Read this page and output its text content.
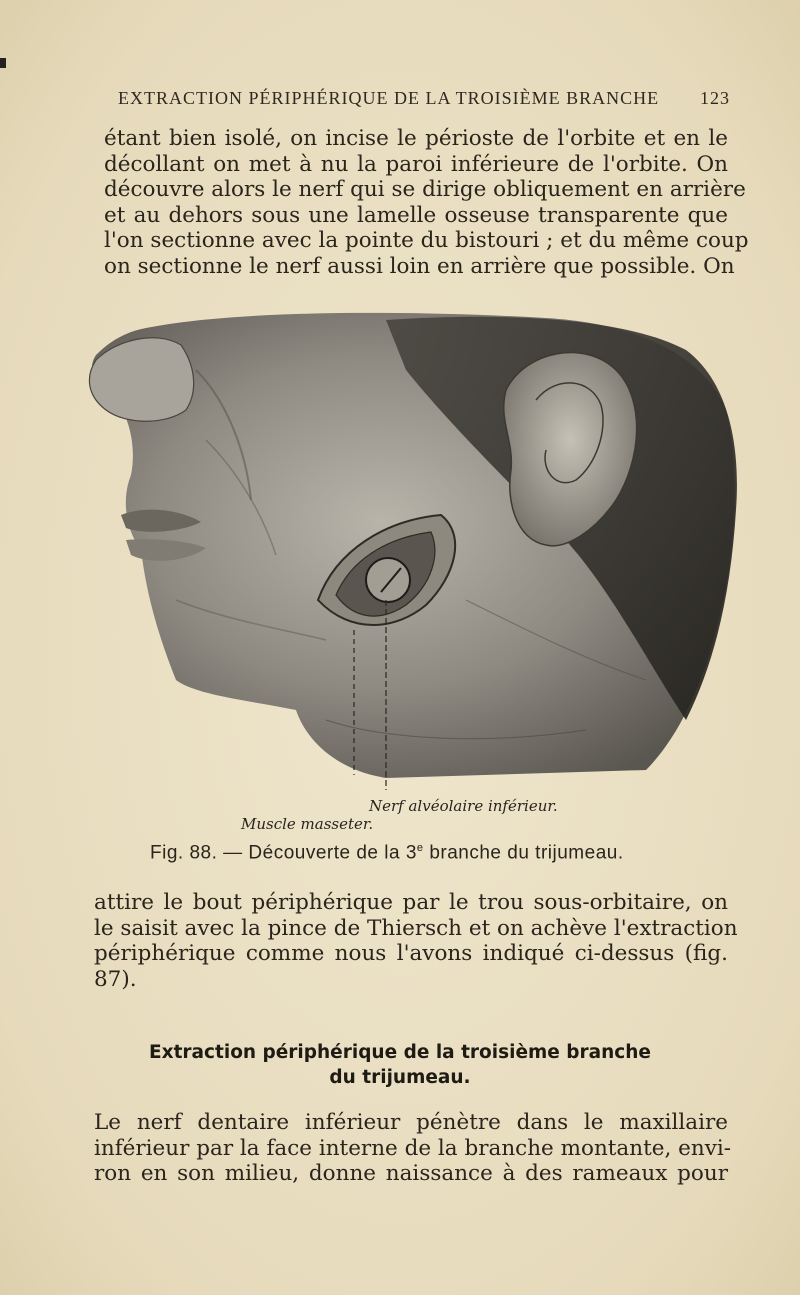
EXTRACTION PÉRIPHÉRIQUE DE LA TROISIÈME BRANCHE 123
étant bien isolé, on incise le périoste de l'orbite et en le
décollant on met à nu la paroi inférieure de l'orbite. On
découvre alors le nerf qui se dirige obliquement en arrière
et au dehors sous une lamelle osseuse transparente que
l'on sectionne avec la pointe du bistouri ; et du même coup
on sectionne le nerf aussi loin en arrière que possible. On
Nerf alvéolaire inférieur.
Muscle masseter.
Fig. 88. — Découverte de la 3e branche du trijumeau.
attire le bout périphérique par le trou sous-orbitaire, on
le saisit avec la pince de Thiersch et on achève l'extraction
périphérique comme nous l'avons indiqué ci-dessus (fig.
87).
Extraction périphérique de la troisième branche
du trijumeau.
Le nerf dentaire inférieur pénètre dans le maxillaire
inférieur par la face interne de la branche montante, envi-
ron en son milieu, donne naissance à des rameaux pour
